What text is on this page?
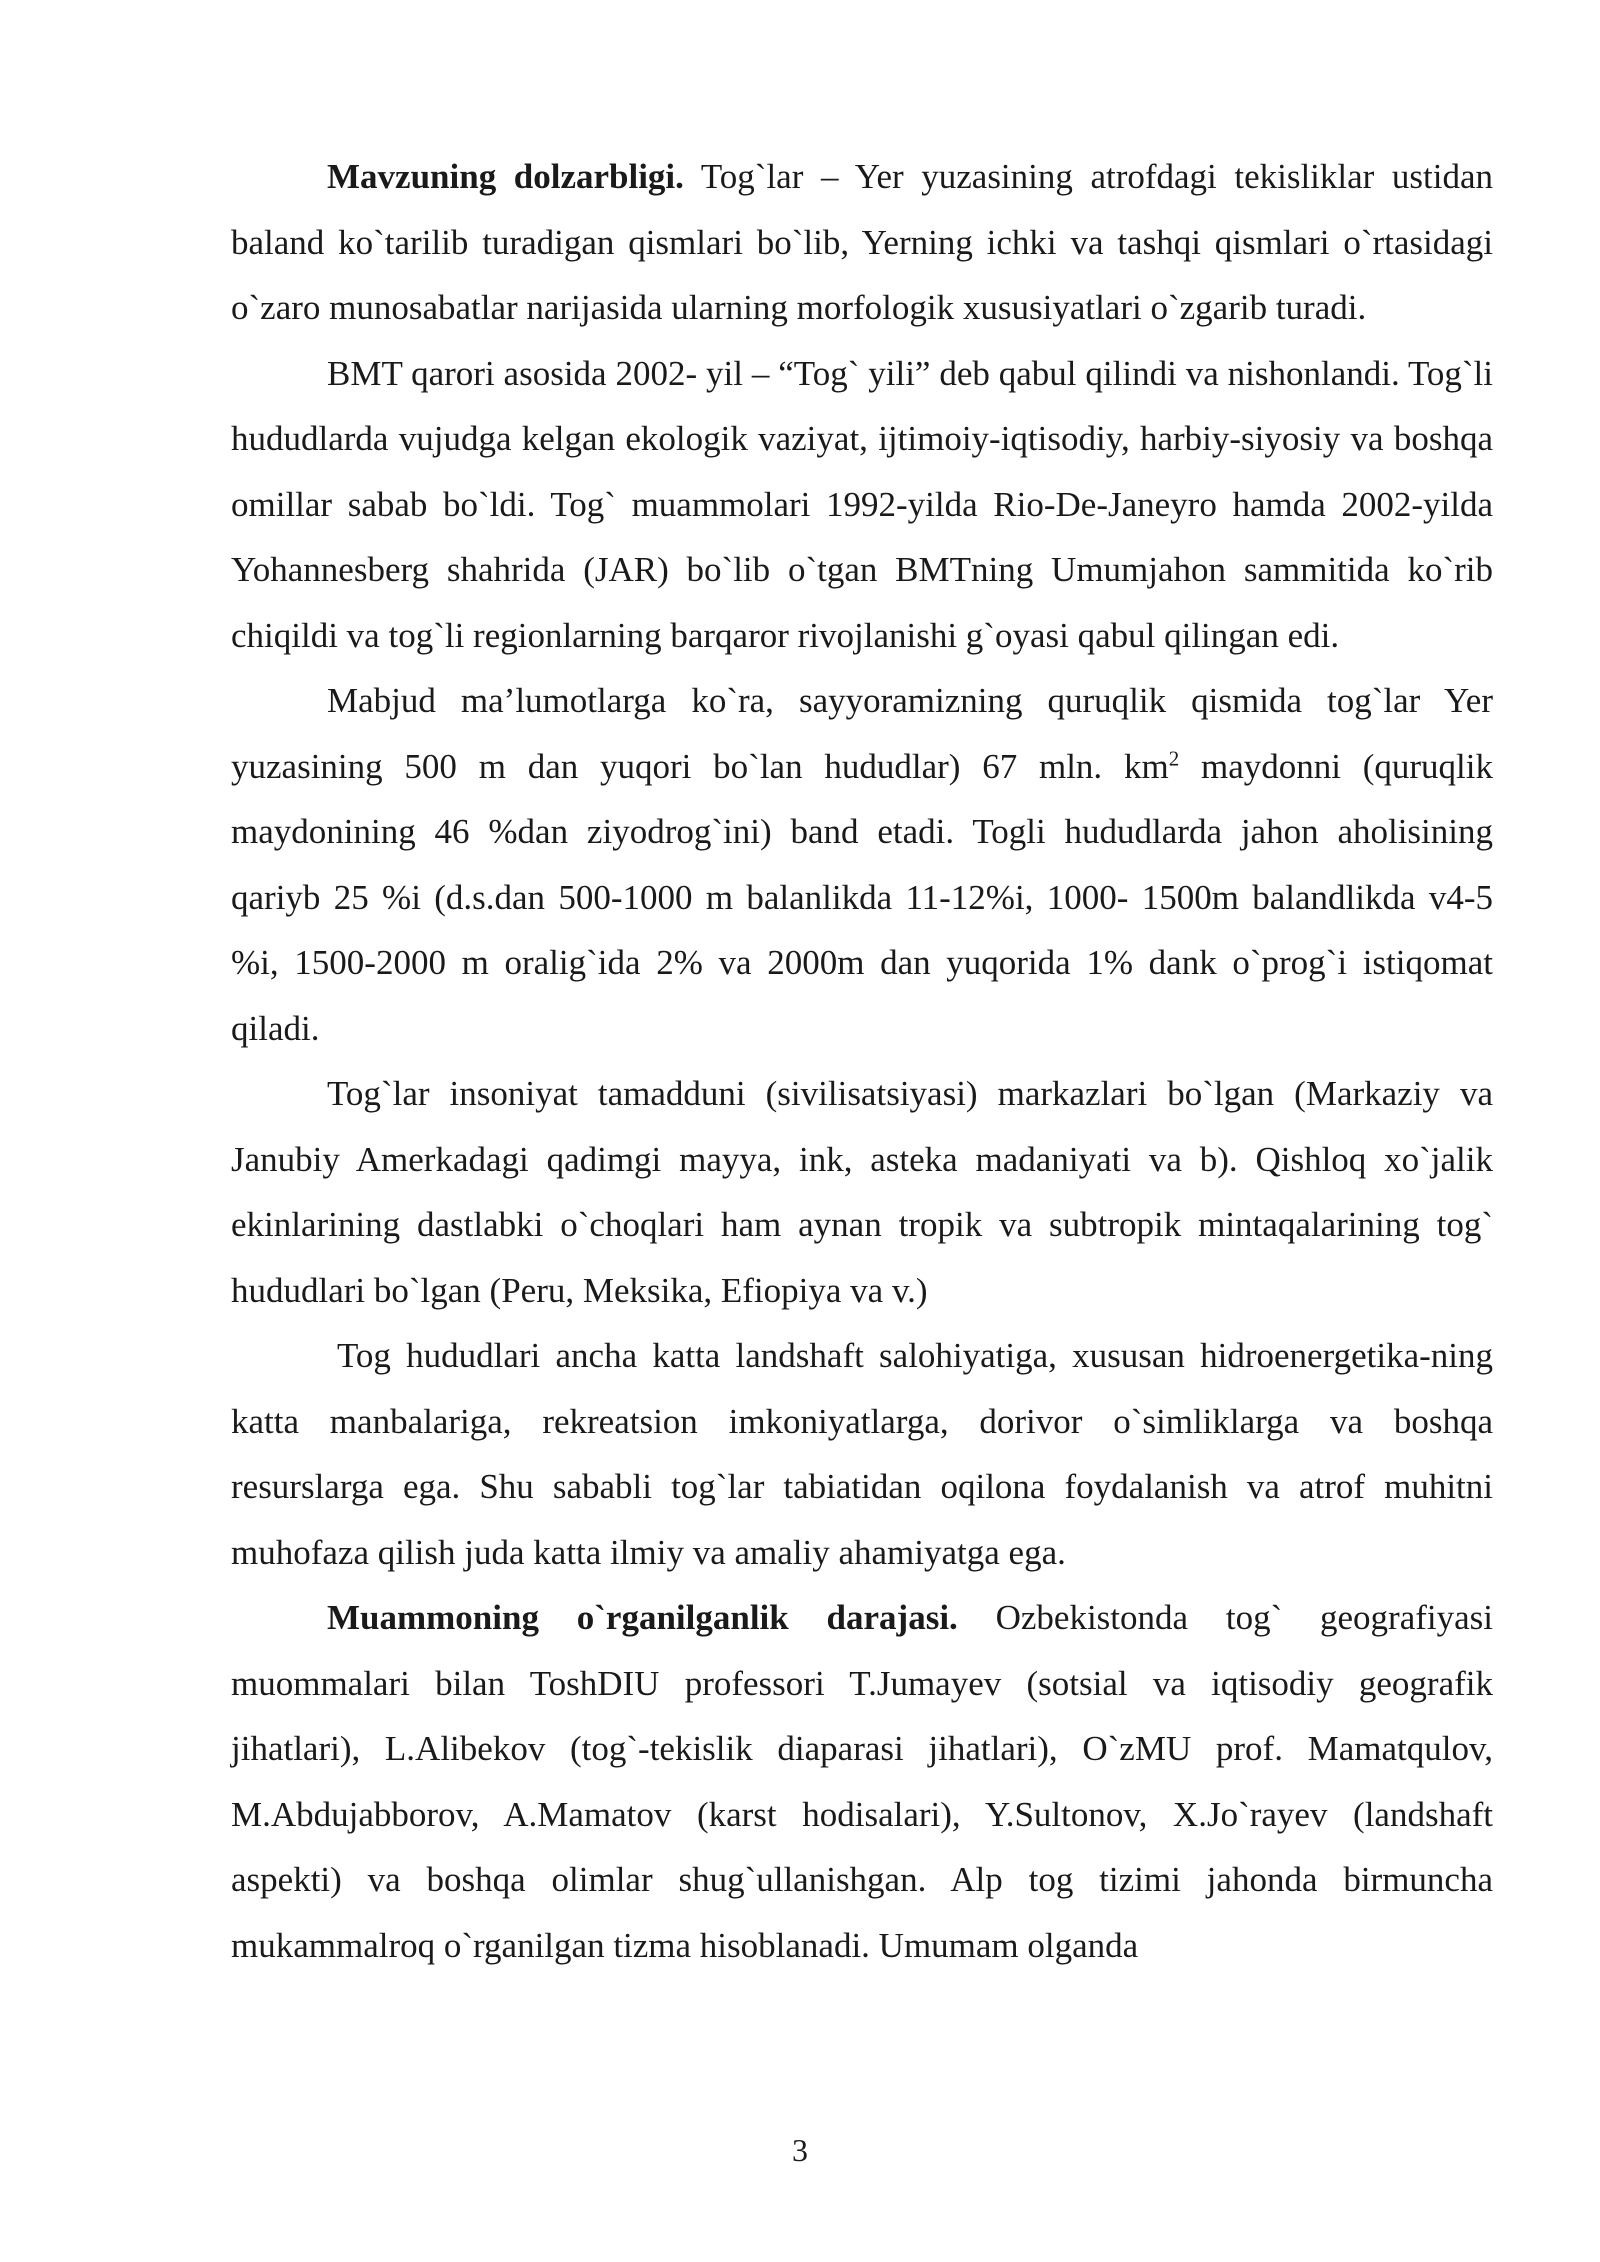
Mavzuning dolzarbligi. Tog`lar – Yer yuzasining atrofdagi tekisliklar ustidan baland ko`tarilib turadigan qismlari bo`lib, Yerning ichki va tashqi qismlari o`rtasidagi o`zaro munosabatlar narijasida ularning morfologik xususiyatlari o`zgarib turadi.

BMT qarori asosida 2002- yil – “Tog` yili” deb qabul qilindi va nishonlandi. Tog`li hududlarda vujudga kelgan ekologik vaziyat, ijtimoiy-iqtisodiy, harbiy-siyosiy va boshqa omillar sabab bo`ldi. Tog` muammolari 1992-yilda Rio-De-Janeyro hamda 2002-yilda Yohannesberg shahrida (JAR) bo`lib o`tgan BMTning Umumjahon sammitida ko`rib chiqildi va tog`li regionlarning barqaror rivojlanishi g`oyasi qabul qilingan edi.

Mabjud ma’lumotlarga ko`ra, sayyoramizning quruqlik qismida tog`lar Yer yuzasining 500 m dan yuqori bo`lan hududlar) 67 mln. $km^2$ maydonni (quruqlik maydonining 46 %dan ziyodrog`ini) band etadi. Togli hududlarda jahon aholisining qariyb 25 %i (d.s.dan 500-1000 m balanlikda 11-12%i, 1000- 1500m balandlikda v4-5 %i, 1500-2000 m oralig`ida 2% va 2000m dan yuqorida 1% dank o`prog`i istiqomat qiladi.

Tog`lar insoniyat tamadduni (sivilisatsiyasi) markazlari bo`lgan (Markaziy va Janubiy Amerkadagi qadimgi mayya, ink, asteka madaniyati va b). Qishloq xo`jalik ekinlarining dastlabki o`choqlari ham aynan tropik va subtropik mintaqalarining tog` hududlari bo`lgan (Peru, Meksika, Efiopiya va v.)

Tog hududlari ancha katta landshaft salohiyatiga, xususan hidroenergetika-ning katta manbalariga, rekreatsion imkoniyatlarga, dorivor o`simliklarga va boshqa resurslarga ega. Shu sababli tog`lar tabiatidan oqilona foydalanish va atrof muhitni muhofaza qilish juda katta ilmiy va amaliy ahamiyatga ega.

Muammoning o`rganilganlik darajasi. Ozbekistonda tog` geografiyasi muommalari bilan ToshDIU professori T.Jumayev (sotsial va iqtisodiy geografik jihatlari), L.Alibekov (tog`-tekislik diaparasi jihatlari), O`zMU prof. Mamatqulov, M.Abdujabborov, A.Mamatov (karst hodisalari), Y.Sultonov, X.Jo`rayev (landshaft aspekti) va boshqa olimlar shug`ullanishgan. Alp tog tizimi jahonda birmuncha mukammalroq o`rganilgan tizma hisoblanadi. Umumam olganda

3
